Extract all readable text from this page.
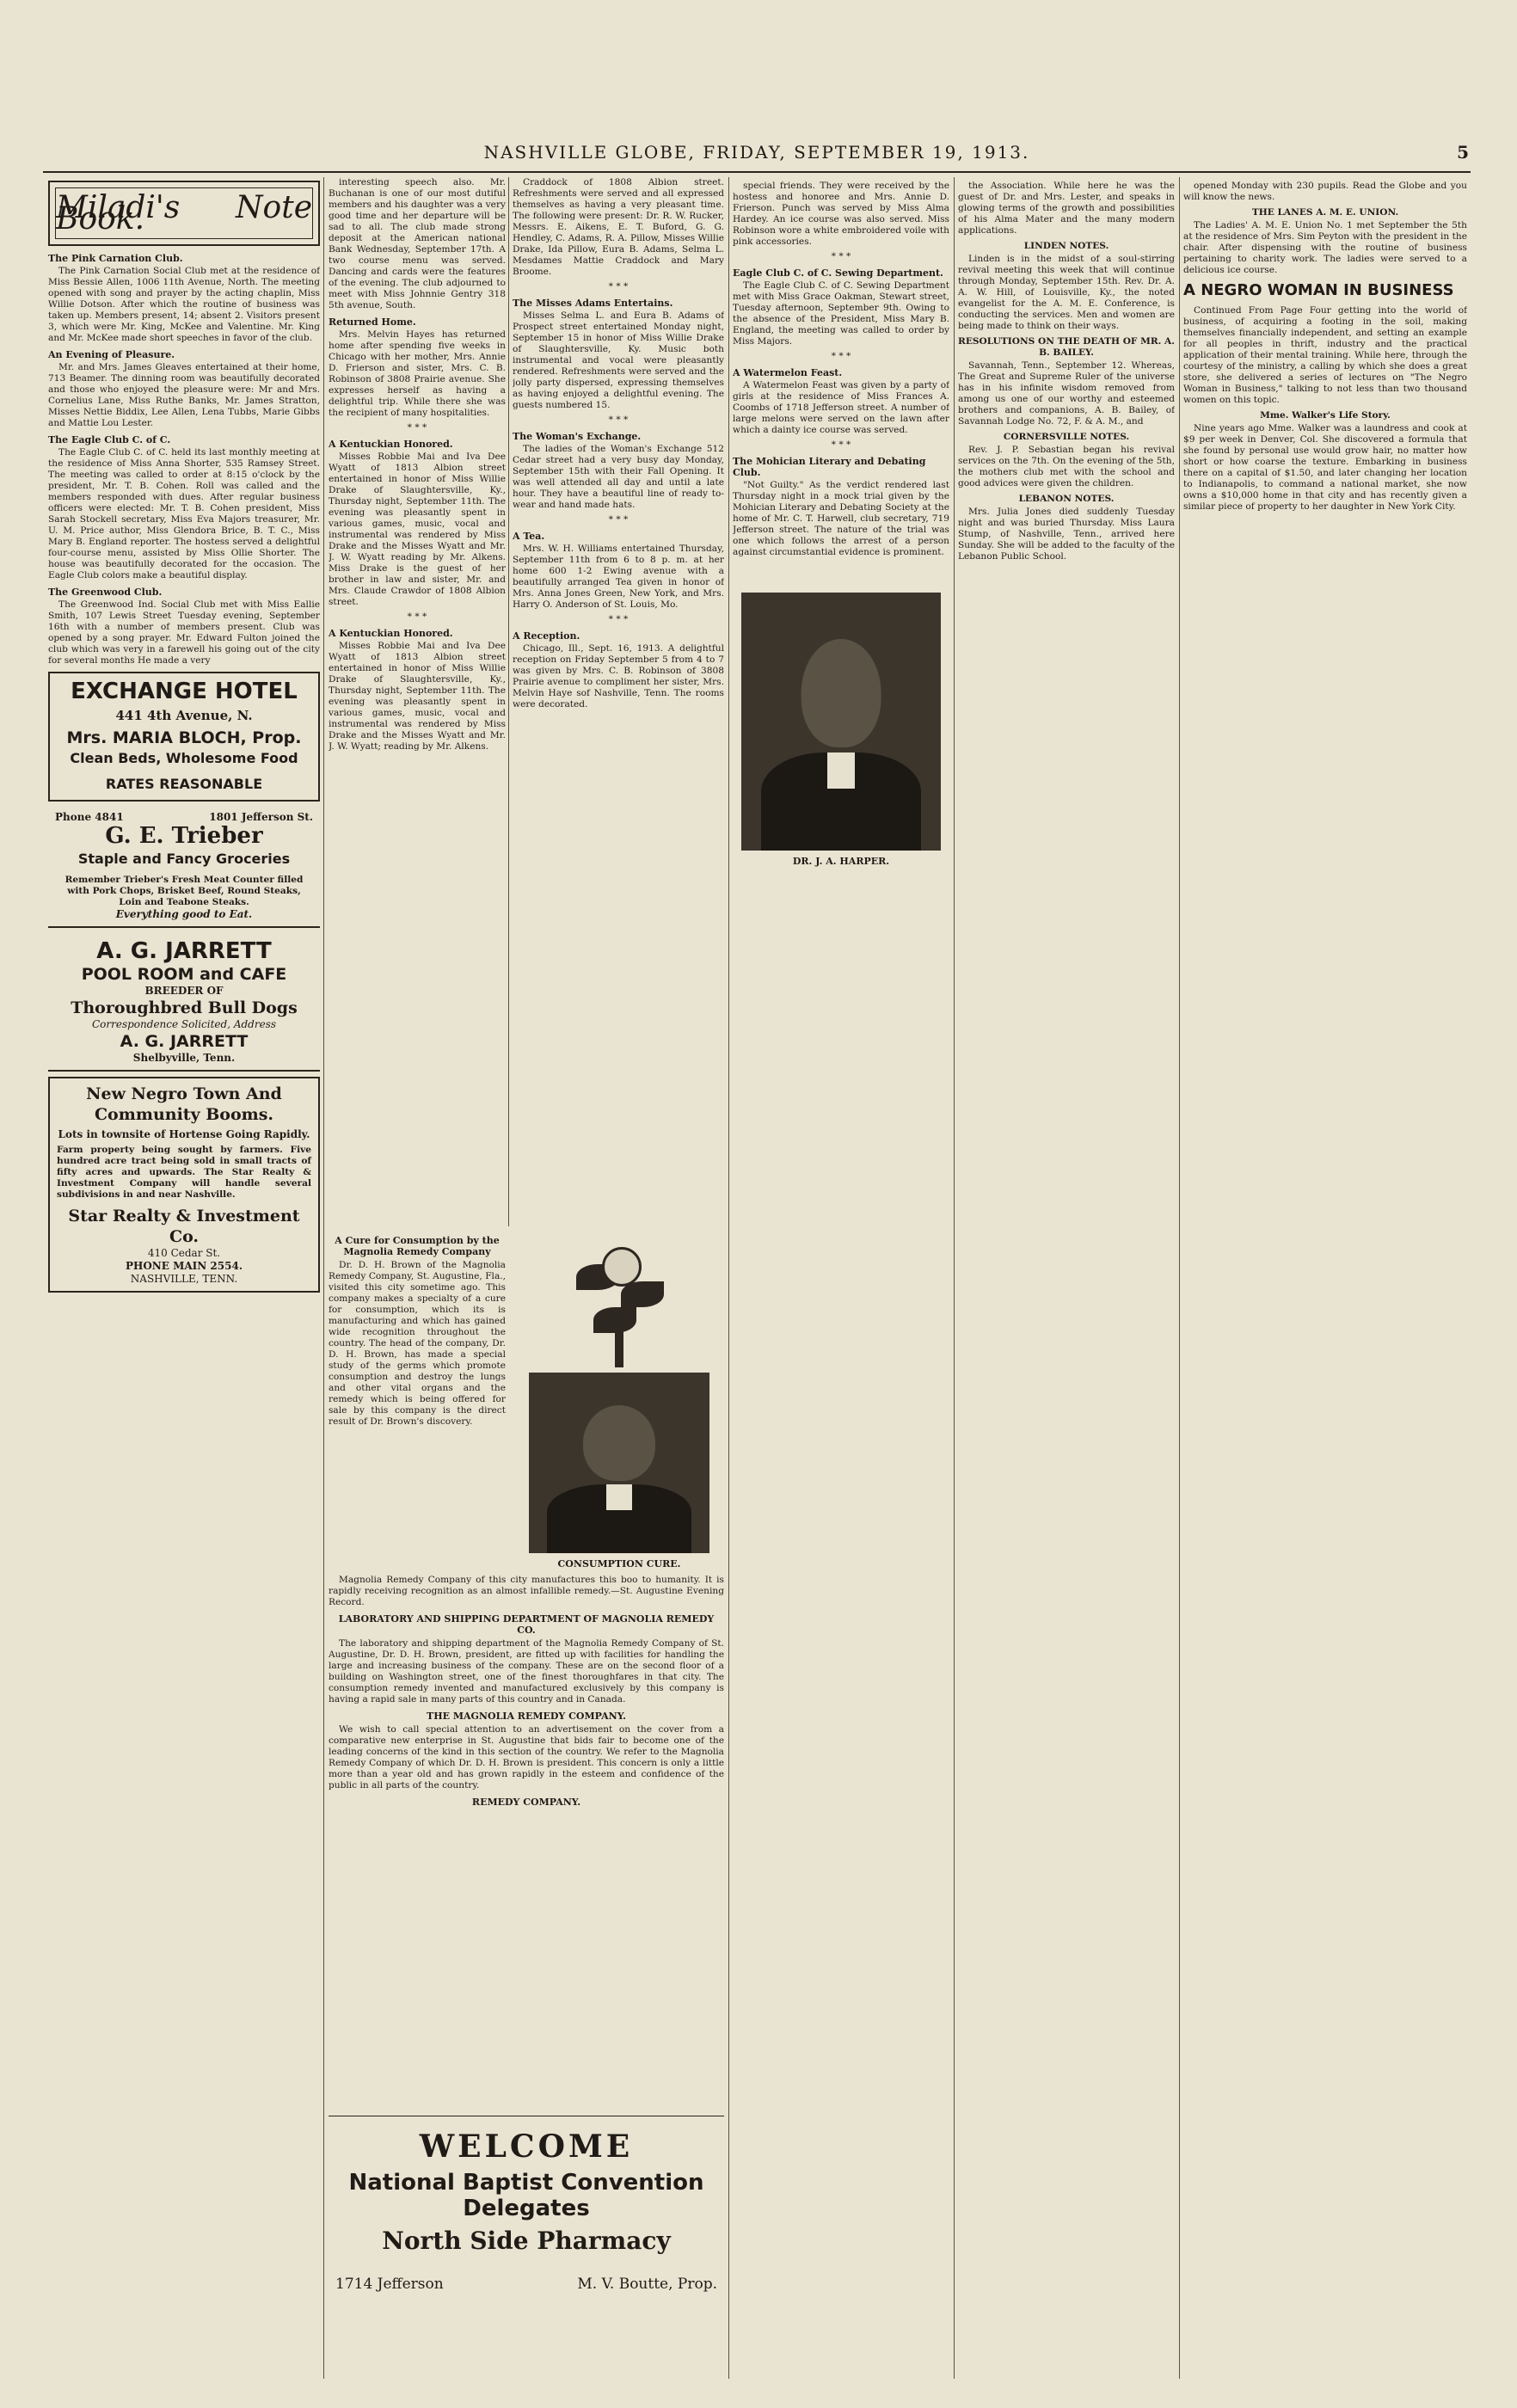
NASHVILLE GLOBE, FRIDAY, SEPTEMBER 19, 1913.	5
Miladi's Note Book.
The Pink Carnation Club.

The Pink Carnation Social Club met at the residence of Miss Bessie Allen, 1006 11th Avenue, North. The meeting opened with song and prayer by the acting chaplin, Miss Willie Dotson. After which the routine of business was taken up. Members present, 14; absent 2. Visitors present 3, which were Mr. King, McKee and Valentine. Mr. King and Mr. McKee made short speeches in favor of the club.

An Evening of Pleasure.

Mr. and Mrs. James Gleaves entertained at their home, 713 Beamer. The dinning room was beautifully decorated and those who enjoyed the pleasure were: Mr and Mrs. Cornelius Lane, Miss Ruthe Banks, Mr. James Stratton, Misses Nettie Biddix, Lee Allen, Lena Tubbs, Marie Gibbs and Mattie Lou Lester.

The Eagle Club C. of C.

The Eagle Club C. of C. held its last monthly meeting at the residence of Miss Anna Shorter, 535 Ramsey Street. The meeting was called to order at 8:15 o'clock by the president, Mr. T. B. Cohen. Roll was called and the members responded with dues. After regular business officers were elected: Mr. T. B. Cohen president, Miss Sarah Stockell secretary, Miss Eva Majors treasurer, Mr. U. M. Price author, Miss Glendora Brice, B. T. C., Miss Mary B. England reporter. The hostess served a delightful four-course menu, assisted by Miss Ollie Shorter. The house was beautifully decorated for the occasion. The Eagle Club colors make a beautiful display.

The Greenwood Club.

The Greenwood Ind. Social Club met with Miss Eallie Smith, 107 Lewis Street Tuesday evening, September 16th with a number of members present. Club was opened by a song prayer. Mr. Edward Fulton joined the club which was very in a farewell his going out of the city for several months He made a very

EXCHANGE HOTEL
441 4th Avenue, N.
Mrs. MARIA BLOCH, Prop.
Clean Beds, Wholesome Food
RATES REASONABLE
Phone 4841	1801 Jefferson St.
G. E. Trieber
Staple and Fancy Groceries
Remember Trieber's Fresh Meat Counter filled with Pork Chops, Brisket Beef, Round Steaks, Loin and Teabone Steaks.
Everything good to Eat.
A. G. JARRETT
POOL ROOM and CAFE
BREEDER OF
Thoroughbred Bull Dogs
Correspondence Solicited, Address
A. G. JARRETT
Shelbyville, Tenn.
New Negro Town And Community Booms.
Lots in townsite of Hortense Going Rapidly.
Farm property being sought by farmers. Five hundred acre tract being sold in small tracts of fifty acres and upwards. The Star Realty & Investment Company will handle several subdivisions in and near Nashville.
Star Realty & Investment Co.
410 Cedar St.
PHONE MAIN 2554.
NASHVILLE, TENN.

interesting speech also. Mr. Buchanan is one of our most dutiful members and his daughter was a very good time and her departure will be sad to all. The club made strong deposit at the American national Bank Wednesday, September 17th. A two course menu was served. Dancing and cards were the features of the evening. The club adjourned to meet with Miss Johnnie Gentry 318 5th avenue, South.

Returned Home.

Mrs. Melvin Hayes has returned home after spending five weeks in Chicago with her mother, Mrs. Annie D. Frierson and sister, Mrs. C. B. Robinson of 3808 Prairie avenue. She expresses herself as having a delightful trip. While there she was the recipient of many hospitalities.

* * *
A Kentuckian Honored.

Misses Robbie Mai and Iva Dee Wyatt of 1813 Albion street entertained in honor of Miss Willie Drake of Slaughtersville, Ky., Thursday night, September 11th. The evening was pleasantly spent in various games, music, vocal and instrumental was rendered by Miss Drake and the Misses Wyatt and Mr. J. W. Wyatt reading by Mr. Alkens. Miss Drake is the guest of her brother in law and sister, Mr. and Mrs. Claude Crawdor of 1808 Albion street.

* * *
A Kentuckian Honored.

Misses Robbie Mai and Iva Dee Wyatt of 1813 Albion street entertained in honor of Miss Willie Drake of Slaughtersville, Ky., Thursday night, September 11th. The evening was pleasantly spent in various games, music, vocal and instrumental was rendered by Miss Drake and the Misses Wyatt and Mr. J. W. Wyatt; reading by Mr. Alkens.

Craddock of 1808 Albion street. Refreshments were served and all expressed themselves as having a very pleasant time. The following were present: Dr. R. W. Rucker, Messrs. E. Aikens, E. T. Buford, G. G. Hendley, C. Adams, R. A. Pillow, Misses Willie Drake, Ida Pillow, Eura B. Adams, Selma L. Mesdames Mattie Craddock and Mary Broome.

* * *
The Misses Adams Entertains.

Misses Selma L. and Eura B. Adams of Prospect street entertained Monday night, September 15 in honor of Miss Willie Drake of Slaughtersville, Ky. Music both instrumental and vocal were pleasantly rendered. Refreshments were served and the jolly party dispersed, expressing themselves as having enjoyed a delightful evening. The guests numbered 15.

* * *
The Woman's Exchange.

The ladies of the Woman's Exchange 512 Cedar street had a very busy day Monday, September 15th with their Fall Opening. It was well attended all day and until a late hour. They have a beautiful line of ready to-wear and hand made hats.

* * *
A Tea.

Mrs. W. H. Williams entertained Thursday, September 11th from 6 to 8 p. m. at her home 600 1-2 Ewing avenue with a beautifully arranged Tea given in honor of Mrs. Anna Jones Green, New York, and Mrs. Harry O. Anderson of St. Louis, Mo.

* * *
A Reception.

Chicago, Ill., Sept. 16, 1913. A delightful reception on Friday September 5 from 4 to 7 was given by Mrs. C. B. Robinson of 3808 Prairie avenue to compliment her sister, Mrs. Melvin Haye sof Nashville, Tenn. The rooms were decorated.

A Cure for Consumption by the Magnolia Remedy Company

Dr. D. H. Brown of the Magnolia Remedy Company, St. Augustine, Fla., visited this city sometime ago. This company makes a specialty of a cure for consumption, which its is manufacturing and which has gained wide recognition throughout the country. The head of the company, Dr. D. H. Brown, has made a special study of the germs which promote consumption and destroy the lungs and other vital organs and the remedy which is being offered for sale by this company is the direct result of Dr. Brown's discovery.

CONSUMPTION CURE.

Magnolia Remedy Company of this city manufactures this boo to humanity. It is rapidly receiving recognition as an almost infallible remedy.—St. Augustine Evening Record.

LABORATORY AND SHIPPING DEPARTMENT OF MAGNOLIA REMEDY CO.

The laboratory and shipping department of the Magnolia Remedy Company of St. Augustine, Dr. D. H. Brown, president, are fitted up with facilities for handling the large and increasing business of the company. These are on the second floor of a building on Washington street, one of the finest thoroughfares in that city. The consumption remedy invented and manufactured exclusively by this company is having a rapid sale in many parts of this country and in Canada.

THE MAGNOLIA REMEDY COMPANY.

We wish to call special attention to an advertisement on the cover from a comparative new enterprise in St. Augustine that bids fair to become one of the leading concerns of the kind in this section of the country. We refer to the Magnolia Remedy Company of which Dr. D. H. Brown is president. This concern is only a little more than a year old and has grown rapidly in the esteem and confidence of the public in all parts of the country.

REMEDY COMPANY.
WELCOME
National Baptist Convention Delegates
North Side Pharmacy
1714 Jefferson	M. V. Boutte, Prop.

special friends. They were received by the hostess and honoree and Mrs. Annie D. Frierson. Punch was served by Miss Alma Hardey. An ice course was also served. Miss Robinson wore a white embroidered voile with pink accessories.

* * *
Eagle Club C. of C. Sewing Department.

The Eagle Club C. of C. Sewing Department met with Miss Grace Oakman, Stewart street, Tuesday afternoon, September 9th. Owing to the absence of the President, Miss Mary B. England, the meeting was called to order by Miss Majors.

* * *
A Watermelon Feast.

A Watermelon Feast was given by a party of girls at the residence of Miss Frances A. Coombs of 1718 Jefferson street. A number of large melons were served on the lawn after which a dainty ice course was served.

* * *
The Mohician Literary and Debating Club.

"Not Guilty." As the verdict rendered last Thursday night in a mock trial given by the Mohician Literary and Debating Society at the home of Mr. C. T. Harwell, club secretary, 719 Jefferson street. The nature of the trial was one which follows the arrest of a person against circumstantial evidence is prominent.

DR. J. A. HARPER.

the Association. While here he was the guest of Dr. and Mrs. Lester, and speaks in glowing terms of the growth and possibilities of his Alma Mater and the many modern applications.

LINDEN NOTES.

Linden is in the midst of a soul-stirring revival meeting this week that will continue through Monday, September 15th. Rev. Dr. A. A. W. Hill, of Louisville, Ky., the noted evangelist for the A. M. E. Conference, is conducting the services. Men and women are being made to think on their ways.

RESOLUTIONS ON THE DEATH OF MR. A. B. BAILEY.

Savannah, Tenn., September 12. Whereas, The Great and Supreme Ruler of the universe has in his infinite wisdom removed from among us one of our worthy and esteemed brothers and companions, A. B. Bailey, of Savannah Lodge No. 72, F. & A. M., and

CORNERSVILLE NOTES.

Rev. J. P. Sebastian began his revival services on the 7th. On the evening of the 5th, the mothers club met with the school and good advices were given the children.

LEBANON NOTES.

Mrs. Julia Jones died suddenly Tuesday night and was buried Thursday. Miss Laura Stump, of Nashville, Tenn., arrived here Sunday. She will be added to the faculty of the Lebanon Public School.

opened Monday with 230 pupils. Read the Globe and you will know the news.

THE LANES A. M. E. UNION.

The Ladies' A. M. E. Union No. 1 met September the 5th at the residence of Mrs. Sim Peyton with the president in the chair. After dispensing with the routine of business pertaining to charity work. The ladies were served to a delicious ice course.

A NEGRO WOMAN IN BUSINESS

Continued From Page Four getting into the world of business, of acquiring a footing in the soil, making themselves financially independent, and setting an example for all peoples in thrift, industry and the practical application of their mental training. While here, through the courtesy of the ministry, a calling by which she does a great store, she delivered a series of lectures on "The Negro Woman in Business," talking to not less than two thousand women on this topic.

Mme. Walker's Life Story.

Nine years ago Mme. Walker was a laundress and cook at $9 per week in Denver, Col. She discovered a formula that she found by personal use would grow hair, no matter how short or how coarse the texture. Embarking in business there on a capital of $1.50, and later changing her location to Indianapolis, to command a national market, she now owns a $10,000 home in that city and has recently given a similar piece of property to her daughter in New York City.
